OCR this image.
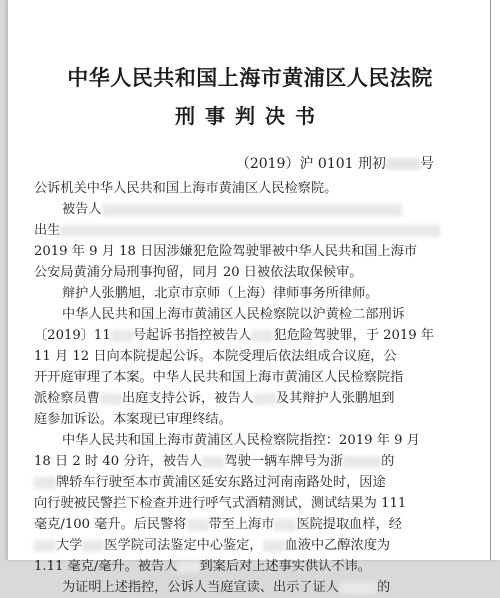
中华人民共和国上海市黄浦区人民法院
刑事判决书
（2019）沪 0101 刑初 号
公诉机关中华人民共和国上海市黄浦区人民检察院。
被告人
出生
2019 年 9 月 18 日因涉嫌犯危险驾驶罪被中华人民共和国上海市
公安局黄浦分局刑事拘留，同月 20 日被依法取保候审。
辩护人张鹏旭，北京市京师（上海）律师事务所律师。
中华人民共和国上海市黄浦区人民检察院以沪黄检二部刑诉
〔2019〕11 号起诉书指控被告人 犯危险驾驶罪，于 2019 年
11 月 12 日向本院提起公诉。本院受理后依法组成合议庭，公
开开庭审理了本案。中华人民共和国上海市黄浦区人民检察院指
派检察员曹 出庭支持公诉，被告人 及其辩护人张鹏旭到
庭参加诉讼。本案现已审理终结。
中华人民共和国上海市黄浦区人民检察院指控：2019 年 9 月
18 日 2 时 40 分许，被告人 驾驶一辆车牌号为浙	的
牌轿车行驶至本市黄浦区延安东路过河南南路处时，因途
向行驶被民警拦下检查并进行呼气式酒精测试，测试结果为 111
毫克/100 毫升。后民警将 带至上海市 医院提取血样，经
大学 医学院司法鉴定中心鉴定， 血液中乙醇浓度为
1.11 毫克/毫升。被告人 到案后对上述事实供认不讳。
为证明上述指控，公诉人当庭宣读、出示了证人	的
